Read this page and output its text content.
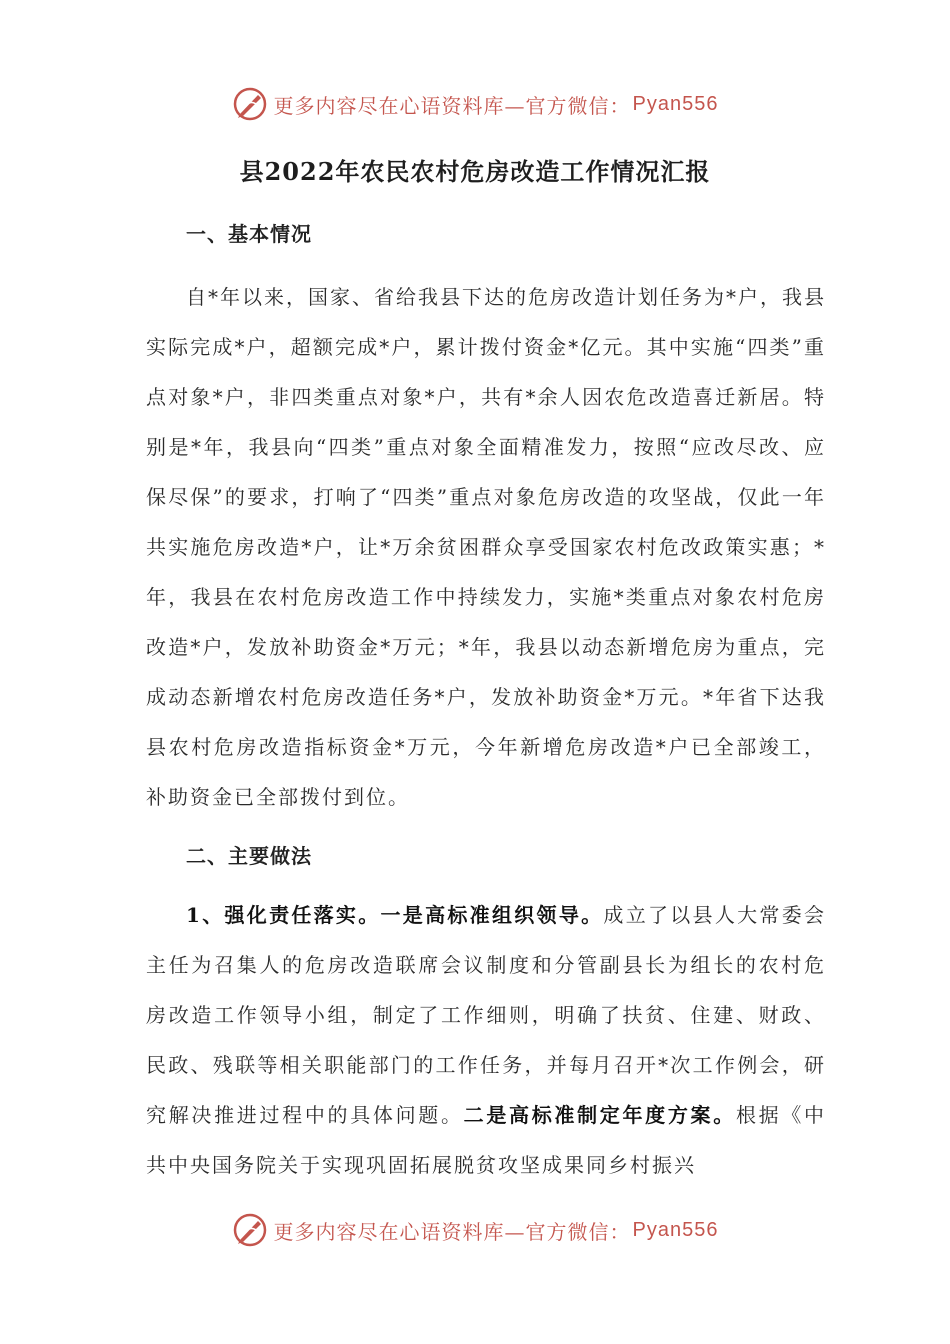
更多内容尽在心语资料库—官方微信： Pyan556
县2022年农民农村危房改造工作情况汇报
一、基本情况
自*年以来，国家、省给我县下达的危房改造计划任务为*户，我县实际完成*户，超额完成*户，累计拨付资金*亿元。其中实施“四类”重点对象*户，非四类重点对象*户，共有*余人因农危改造喜迁新居。特别是*年，我县向“四类”重点对象全面精准发力，按照“应改尽改、应保尽保”的要求，打响了“四类”重点对象危房改造的攻坚战，仅此一年共实施危房改造*户，让*万余贫困群众享受国家农村危改政策实惠；*年，我县在农村危房改造工作中持续发力，实施*类重点对象农村危房改造*户，发放补助资金*万元；*年，我县以动态新增危房为重点，完成动态新增农村危房改造任务*户，发放补助资金*万元。*年省下达我县农村危房改造指标资金*万元，今年新增危房改造*户已全部竣工，补助资金已全部拨付到位。
二、主要做法
1、强化责任落实。一是高标准组织领导。成立了以县人大常委会主任为召集人的危房改造联席会议制度和分管副县长为组长的农村危房改造工作领导小组，制定了工作细则，明确了扶贫、住建、财政、民政、残联等相关职能部门的工作任务，并每月召开*次工作例会，研究解决推进过程中的具体问题。二是高标准制定年度方案。根据《中共中央国务院关于实现巩固拓展脱贫攻坚成果同乡村振兴
更多内容尽在心语资料库—官方微信： Pyan556
